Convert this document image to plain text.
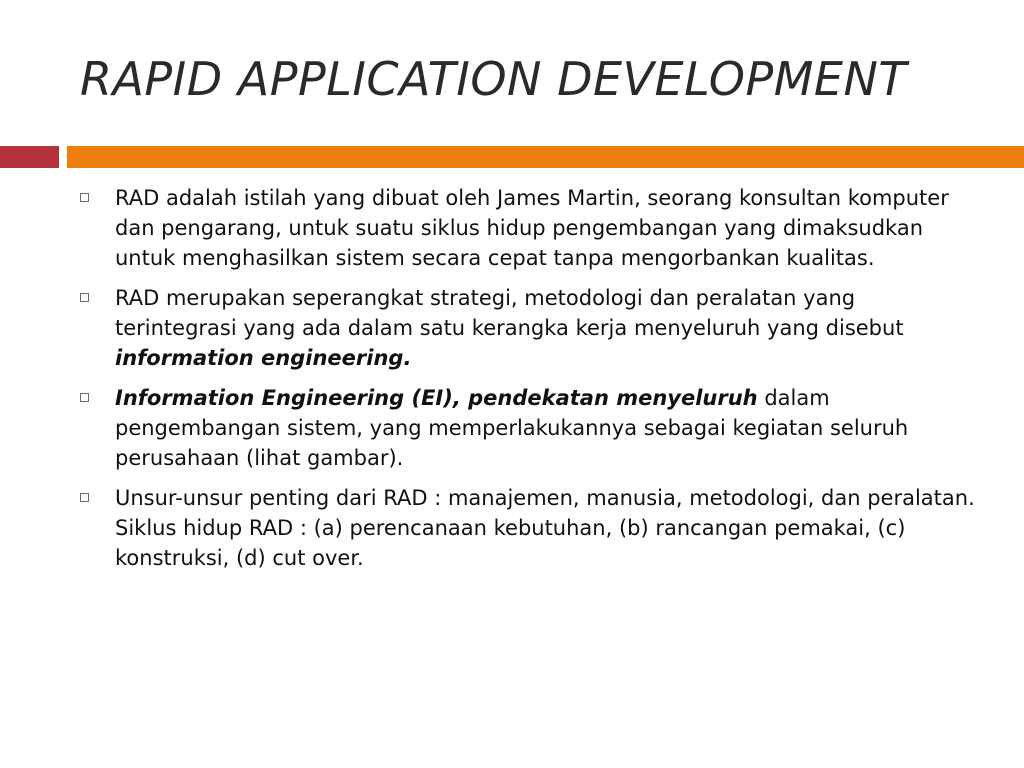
RAPID APPLICATION DEVELOPMENT
RAD adalah istilah yang dibuat oleh James Martin, seorang konsultan komputer dan pengarang, untuk suatu siklus hidup pengembangan yang dimaksudkan untuk menghasilkan sistem secara cepat tanpa mengorbankan kualitas.
RAD merupakan seperangkat strategi, metodologi dan peralatan yang terintegrasi yang ada dalam satu kerangka kerja menyeluruh yang disebut information engineering.
Information Engineering (EI), pendekatan menyeluruh dalam pengembangan sistem, yang memperlakukannya sebagai kegiatan seluruh perusahaan (lihat gambar).
Unsur-unsur penting dari RAD : manajemen, manusia, metodologi, dan peralatan. Siklus hidup RAD : (a) perencanaan kebutuhan, (b) rancangan pemakai, (c) konstruksi, (d) cut over.
